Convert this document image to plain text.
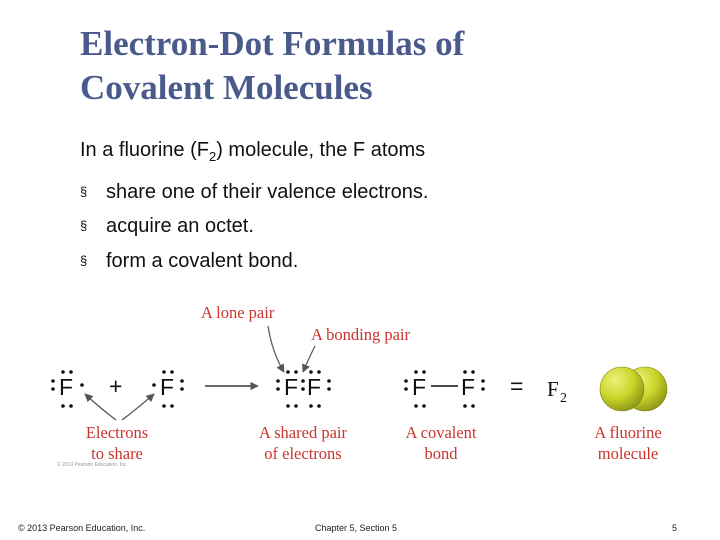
Electron-Dot Formulas of
Covalent Molecules
In a fluorine $(F_2)$ molecule, the F atoms
§ share one of their valence electrons.
§ acquire an octet.
§ form a covalent bond.
A lone pair
A bonding pair
F + F	F F	F F = F 2
Electrons
to share
A shared pair
of electrons
A covalent
bond
A fluorine
molecule
© 2013 Pearson Education, Inc.
© 2013 Pearson Education, Inc.	Chapter 5, Section 5	5
